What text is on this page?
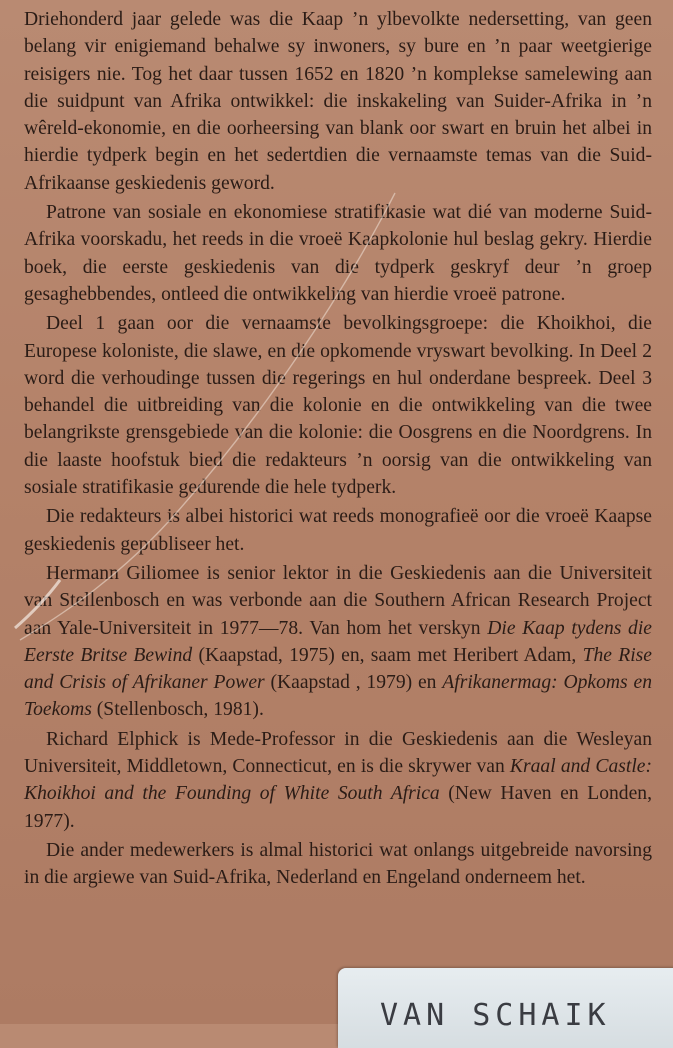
Driehonderd jaar gelede was die Kaap ’n ylbevolkte nedersetting, van geen belang vir enigiemand behalwe sy inwoners, sy bure en ’n paar weetgierige reisigers nie. Tog het daar tussen 1652 en 1820 ’n komplekse samelewing aan die suidpunt van Afrika ontwikkel: die inskakeling van Suider-Afrika in ’n wêreld-ekonomie, en die oorheersing van blank oor swart en bruin het albei in hierdie tydperk begin en het sedertdien die vernaamste temas van die Suid-Afrikaanse geskiedenis geword.

Patrone van sosiale en ekonomiese stratifikasie wat dié van moderne Suid-Afrika voorskadu, het reeds in die vroeë Kaapkolonie hul beslag gekry. Hierdie boek, die eerste geskiedenis van die tydperk geskryf deur ’n groep gesaghebbendes, ontleed die ontwikkeling van hierdie vroeë patrone.

Deel 1 gaan oor die vernaamste bevolkingsgroepe: die Khoikhoi, die Europese koloniste, die slawe, en die opkomende vryswart bevolking. In Deel 2 word die verhoudinge tussen die regerings en hul onderdane bespreek. Deel 3 behandel die uitbreiding van die kolonie en die ontwikkeling van die twee belangrikste grensgebiede van die kolonie: die Oosgrens en die Noordgrens. In die laaste hoofstuk bied die redakteurs ’n oorsig van die ontwikkeling van sosiale stratifikasie gedurende die hele tydperk.

Die redakteurs is albei historici wat reeds monografieë oor die vroeë Kaapse geskiedenis gepubliseer het.

Hermann Giliomee is senior lektor in die Geskiedenis aan die Universiteit van Stellenbosch en was verbonde aan die Southern African Research Project aan Yale-Universiteit in 1977—78. Van hom het verskyn Die Kaap tydens die Eerste Britse Bewind (Kaapstad, 1975) en, saam met Heribert Adam, The Rise and Crisis of Afrikaner Power (Kaapstad , 1979) en Afrikanermag: Opkoms en Toekoms (Stellenbosch, 1981).

Richard Elphick is Mede-Professor in die Geskiedenis aan die Wesleyan Universiteit, Middletown, Connecticut, en is die skrywer van Kraal and Castle: Khoikhoi and the Founding of White South Africa (New Haven en Londen, 1977).

Die ander medewerkers is almal historici wat onlangs uitgebreide navorsing in die argiewe van Suid-Afrika, Nederland en Engeland onderneem het.

VAN SCHAIK
